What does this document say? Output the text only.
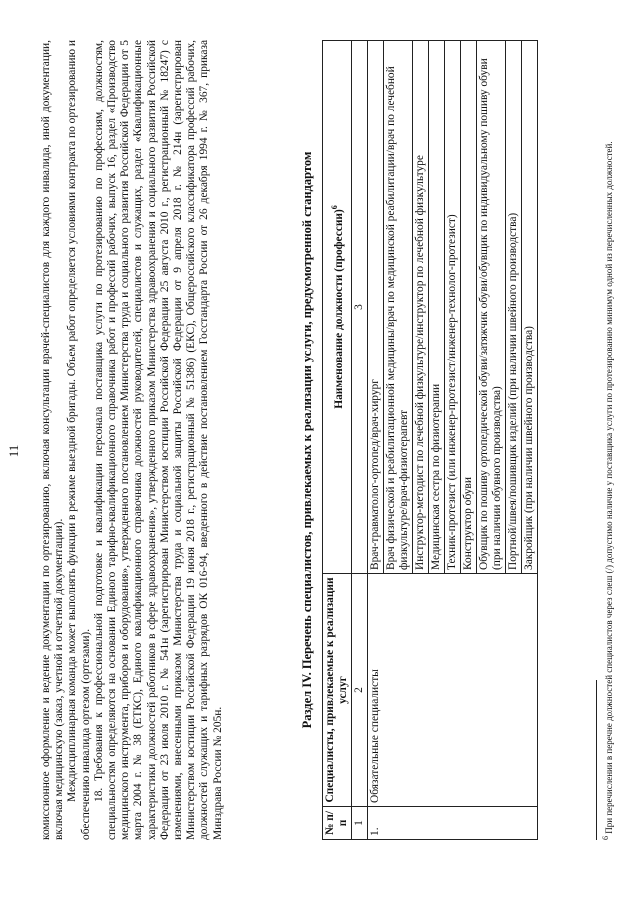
11 комиссионное оформление и ведение документации по ортезированию, включая консультации врачей-специалистов для каждого инвалида, иной документации, включая медицинскую (заказ, учетной и отчетной документации). Междисциплинарная команда может выполнять функции в режиме выездной бригады. Объем работ определяется условиями контракта по ортезированию и обеспечению инвалида ортезом (ортезами). 18. Требования к профессиональной подготовке и квалификации персонала поставщика услуги по протезированию по профессиям, должностям, специальностям определяются на основании Единого тарифно-квалификационного справочника работ и профессий рабочих, выпуск 16, раздел «Производство медицинского инструмента, приборов и оборудования», утвержденного постановлением Министерства труда и социального развития Российской Федерации от 5 марта 2004 г. № 38 (ЕТКС), Единого квалификационного справочника должностей руководителей, специалистов и служащих, раздел «Квалификационные характеристики должностей работников в сфере здравоохранения», утвержденного приказом Министерства здравоохранения и социального развития Российской Федерации от 23 июля 2010 г. № 541н (зарегистрирован Министерством юстиции Российской Федерации 25 августа 2010 г., регистрационный № 18247) с изменениями, внесенными приказом Министерства труда и социальной защиты Российской Федерации от 9 апреля 2018 г. № 214н (зарегистрирован Министерством юстиции Российской Федерации 19 июня 2018 г., регистрационный № 51386) (ЕКС), Общероссийского классификатора профессий рабочих, должностей служащих и тарифных разрядов ОК 016-94, введенного в действие постановлением Госстандарта России от 26 декабря 1994 г. № 367, приказа Минздрава России № 205н.

Раздел IV. Перечень специалистов, привлекаемых к реализации услуги, предусмотренной стандартом
№ п/п	Специалисты, привлекаемые к реализации услуг	Наименование должности (профессии)$^6$
1	2	3
1.	Обязательные специалисты	Врач-травматолог-ортопед/врач-хирург
		Врач физической и реабилитационной медицины/врач по медицинской реабилитации/врач по лечебной физкультуре/врач-физиотерапевт
		Инструктор-методист по лечебной физкультуре/инструктор по лечебной физкультуре
		Медицинская сестра по физиотерапии
		Техник-протезист (или инженер-протезист/инженер-технолог-протезист)
		Конструктор обуви
		Обувщик по пошиву ортопедической обуви/затяжчик обуви/обувщик по индивидуальному пошиву обуви (при наличии обувного производства)
		Портной/швея/пошивщик изделий (при наличии швейного производства)
		Закройщик (при наличии швейного производства)
$^6$ При перечислении в перечне должностей специалистов через слеш (/) допустимо наличие у поставщика услуги по протезированию минимум одной из перечисленных должностей.
